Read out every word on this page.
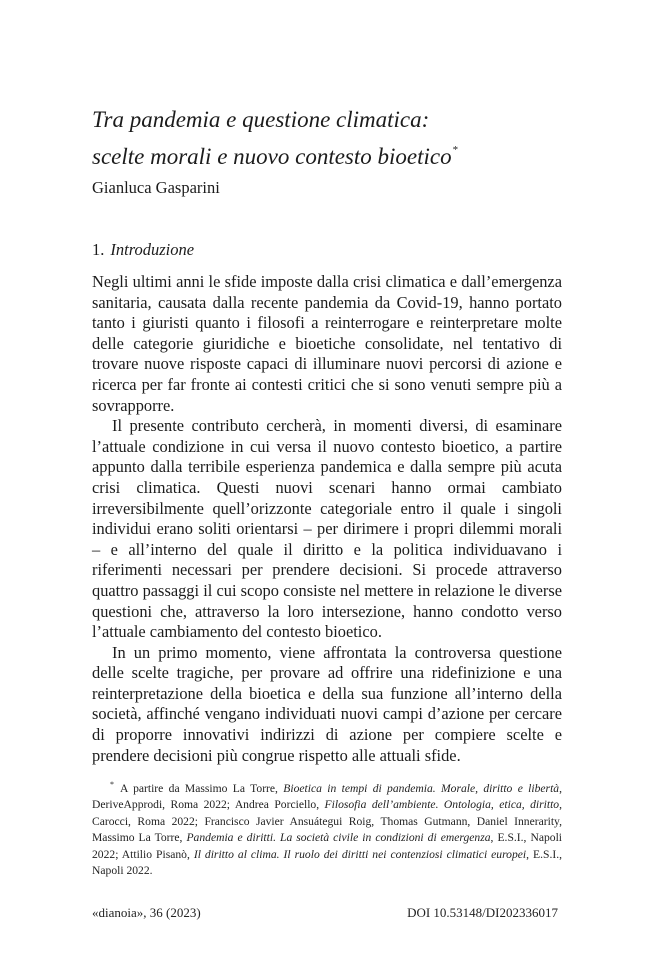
Tra pandemia e questione climatica:
scelte morali e nuovo contesto bioetico*
Gianluca Gasparini
1. Introduzione

Negli ultimi anni le sfide imposte dalla crisi climatica e dall’emergenza sanitaria, causata dalla recente pandemia da Covid-19, hanno portato tanto i giuristi quanto i filosofi a reinterrogare e reinterpretare molte delle categorie giuridiche e bioetiche consolidate, nel tentativo di trovare nuove risposte capaci di illuminare nuovi percorsi di azione e ricerca per far fronte ai contesti critici che si sono venuti sempre più a sovrapporre.

Il presente contributo cercherà, in momenti diversi, di esaminare l’attuale condizione in cui versa il nuovo contesto bioetico, a partire appunto dalla terribile esperienza pandemica e dalla sempre più acuta crisi climatica. Questi nuovi scenari hanno ormai cambiato irreversibilmente quell’orizzonte categoriale entro il quale i singoli individui erano soliti orientarsi – per dirimere i propri dilemmi morali – e all’interno del quale il diritto e la politica individuavano i riferimenti necessari per prendere decisioni. Si procede attraverso quattro passaggi il cui scopo consiste nel mettere in relazione le diverse questioni che, attraverso la loro intersezione, hanno condotto verso l’attuale cambiamento del contesto bioetico.

In un primo momento, viene affrontata la controversa questione delle scelte tragiche, per provare ad offrire una ridefinizione e una reinterpretazione della bioetica e della sua funzione all’interno della società, affinché vengano individuati nuovi campi d’azione per cercare di proporre innovativi indirizzi di azione per compiere scelte e prendere decisioni più congrue rispetto alle attuali sfide.

* A partire da Massimo La Torre, Bioetica in tempi di pandemia. Morale, diritto e libertà, DeriveApprodi, Roma 2022; Andrea Porciello, Filosofia dell’ambiente. Ontologia, etica, diritto, Carocci, Roma 2022; Francisco Javier Ansuátegui Roig, Thomas Gutmann, Daniel Innerarity, Massimo La Torre, Pandemia e diritti. La società civile in condizioni di emergenza, E.S.I., Napoli 2022; Attilio Pisanò, Il diritto al clima. Il ruolo dei diritti nei contenziosi climatici europei, E.S.I., Napoli 2022.
«dianoia», 36 (2023)	DOI 10.53148/DI202336017
